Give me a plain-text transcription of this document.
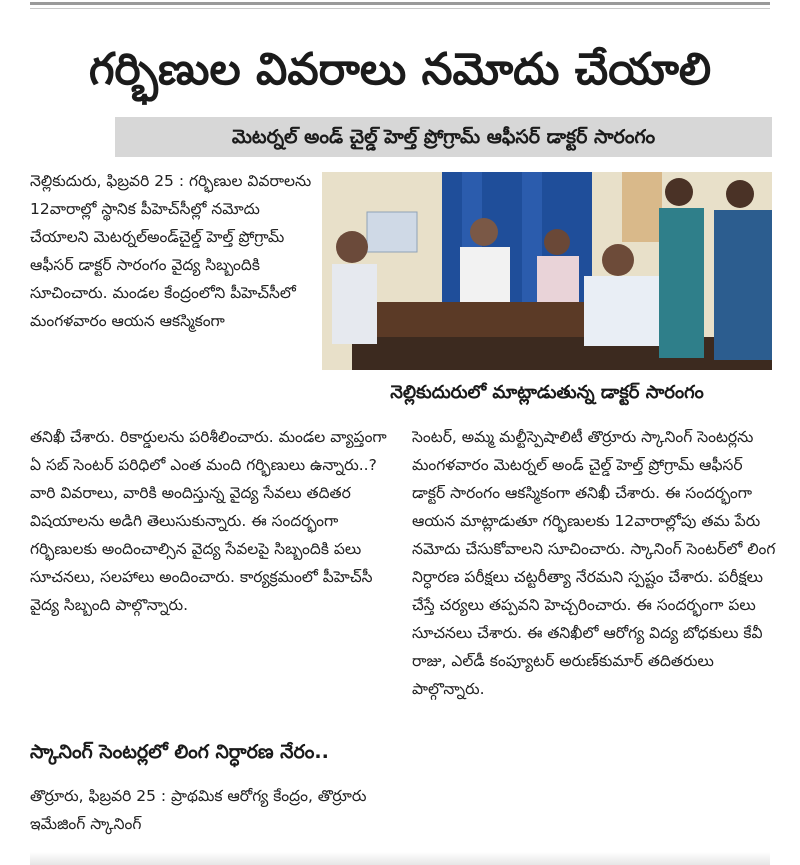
గర్భిణుల వివరాలు నమోదు చేయాలి
మెటర్నల్ అండ్ చైల్డ్ హెల్త్ ప్రోగ్రామ్ ఆఫీసర్ డాక్టర్ సారంగం

నెల్లికుదురు, ఫిబ్రవరి 25 : గర్భిణుల వివరాలను 12వారాల్లో స్థానిక పీహెచ్‌సీల్లో నమోదు చేయాలని మెటర్నల్‌అండ్‌చైల్డ్ హెల్త్ ప్రోగ్రామ్ ఆఫీసర్ డాక్టర్ సారంగం వైద్య సిబ్బందికి సూచించారు. మండల కేంద్రంలోని పీహెచ్‌సీలో మంగళవారం ఆయన ఆకస్మికంగా

నెల్లికుదురులో మాట్లాడుతున్న డాక్టర్ సారంగం

తనిఖీ చేశారు. రికార్డులను పరిశీలించారు. మండల వ్యాప్తంగా ఏ సబ్ సెంటర్ పరిధిలో ఎంత మంది గర్భిణులు ఉన్నారు..? వారి వివరాలు, వారికి అందిస్తున్న వైద్య సేవలు తదితర విషయాలను అడిగి తెలుసుకున్నారు. ఈ సందర్భంగా గర్భిణులకు అందించాల్సిన వైద్య సేవలపై సిబ్బందికి పలు సూచనలు, సలహాలు అందించారు. కార్యక్రమంలో పీహెచ్‌సీ వైద్య సిబ్బంది పాల్గొన్నారు.

స్కానింగ్ సెంటర్లలో లింగ నిర్ధారణ నేరం..

తొర్రూరు, ఫిబ్రవరి 25 : ప్రాథమిక ఆరోగ్య కేంద్రం, తొర్రూరు ఇమేజింగ్ స్కానింగ్

సెంటర్, అమ్మ మల్టీస్పెషాలిటీ తొర్రూరు స్కానింగ్ సెంటర్లను మంగళవారం మెటర్నల్ అండ్ చైల్డ్ హెల్త్ ప్రోగ్రామ్ ఆఫీసర్ డాక్టర్ సారంగం ఆకస్మికంగా తనిఖీ చేశారు. ఈ సందర్భంగా ఆయన మాట్లాడుతూ గర్భిణులకు 12వారాల్లోపు తమ పేరు నమోదు చేసుకోవాలని సూచించారు. స్కానింగ్ సెంటర్‌లో లింగ నిర్ధారణ పరీక్షలు చట్టరీత్యా నేరమని స్పష్టం చేశారు. పరీక్షలు చేస్తే చర్యలు తప్పవని హెచ్చరించారు. ఈ సందర్భంగా పలు సూచనలు చేశారు. ఈ తనిఖీలో ఆరోగ్య విద్య బోధకులు కేవీ రాజు, ఎల్‌డీ కంప్యూటర్ అరుణ్‌కుమార్ తదితరులు పాల్గొన్నారు.
